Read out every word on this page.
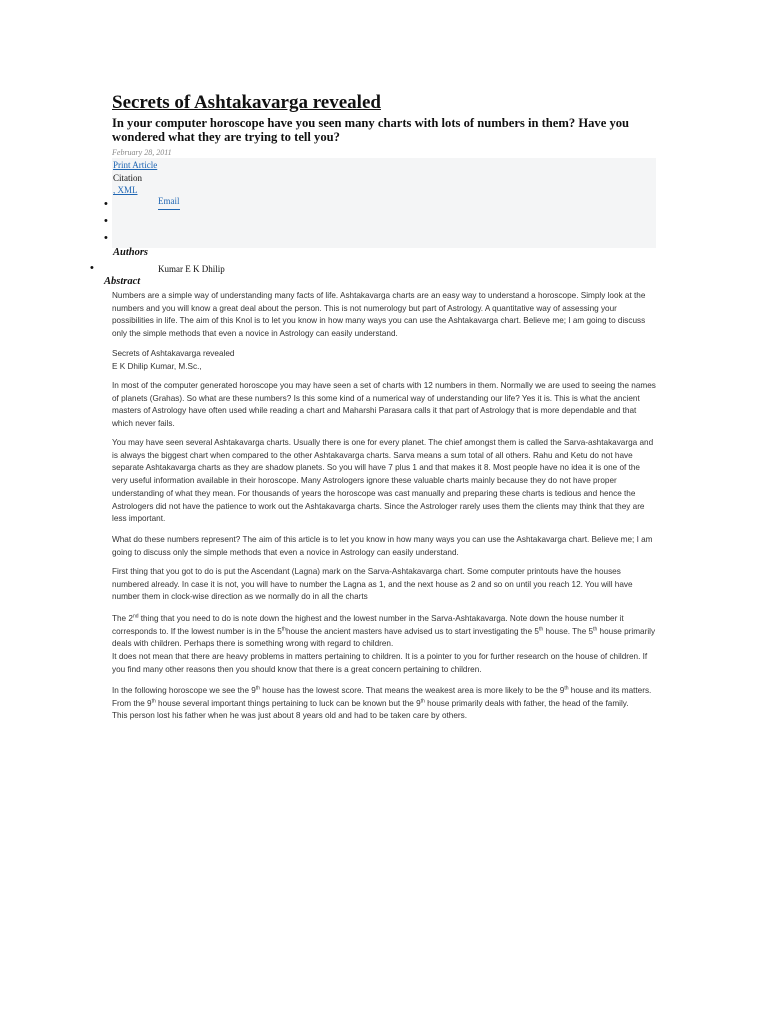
Secrets of Ashtakavarga revealed
In your computer horoscope have you seen many charts with lots of numbers in them? Have you wondered what they are trying to tell you?
February 28, 2011
Print Article
Citation
, XML
Email
•
•
•
Authors
•	Kumar E K Dhilip
Abstract
Numbers are a simple way of understanding many facts of life. Ashtakavarga charts are an easy way to understand a horoscope. Simply look at the numbers and you will know a great deal about the person. This is not numerology but part of Astrology. A quantitative way of assessing your possibilities in life. The aim of this Knol is to let you know in how many ways you can use the Ashtakavarga chart. Believe me; I am going to discuss only the simple methods that even a novice in Astrology can easily understand.

Secrets of Ashtakavarga revealed

E K Dhilip Kumar, M.Sc.,

In most of the computer generated horoscope you may have seen a set of charts with 12 numbers in them. Normally we are used to seeing the names of planets (Grahas). So what are these numbers? Is this some kind of a numerical way of understanding our life? Yes it is. This is what the ancient masters of Astrology have often used while reading a chart and Maharshi Parasara calls it that part of Astrology that is more dependable and that which never fails.
You may have seen several Ashtakavarga charts. Usually there is one for every planet. The chief amongst them is called the Sarva-ashtakavarga and is always the biggest chart when compared to the other Ashtakavarga charts. Sarva means a sum total of all others. Rahu and Ketu do not have separate Ashtakavarga charts as they are shadow planets. So you will have 7 plus 1 and that makes it 8. Most people have no idea it is one of the very useful information available in their horoscope. Many Astrologers ignore these valuable charts mainly because they do not have proper understanding of what they mean. For thousands of years the horoscope was cast manually and preparing these charts is tedious and hence the Astrologers did not have the patience to work out the Ashtakavarga charts. Since the Astrologer rarely uses them the clients may think that they are less important.
What do these numbers represent? The aim of this article is to let you know in how many ways you can use the Ashtakavarga chart. Believe me; I am going to discuss only the simple methods that even a novice in Astrology can easily understand.
First thing that you got to do is put the Ascendant (Lagna) mark on the Sarva-Ashtakavarga chart. Some computer printouts have the houses numbered already. In case it is not, you will have to number the Lagna as 1, and the next house as 2 and so on until you reach 12. You will have number them in clock-wise direction as we normally do in all the charts

The 2nd thing that you need to do is note down the highest and the lowest number in the Sarva-Ashtakavarga. Note down the house number it corresponds to. If the lowest number is in the 5thhouse the ancient masters have advised us to start investigating the 5th house. The 5th house primarily deals with children. Perhaps there is something wrong with regard to children.

It does not mean that there are heavy problems in matters pertaining to children. It is a pointer to you for further research on the house of children. If you find many other reasons then you should know that there is a great concern pertaining to children.

In the following horoscope we see the 9th house has the lowest score. That means the weakest area is more likely to be the 9th house and its matters. From the 9th house several important things pertaining to luck can be known but the 9th house primarily deals with father, the head of the family.

This person lost his father when he was just about 8 years old and had to be taken care by others.
